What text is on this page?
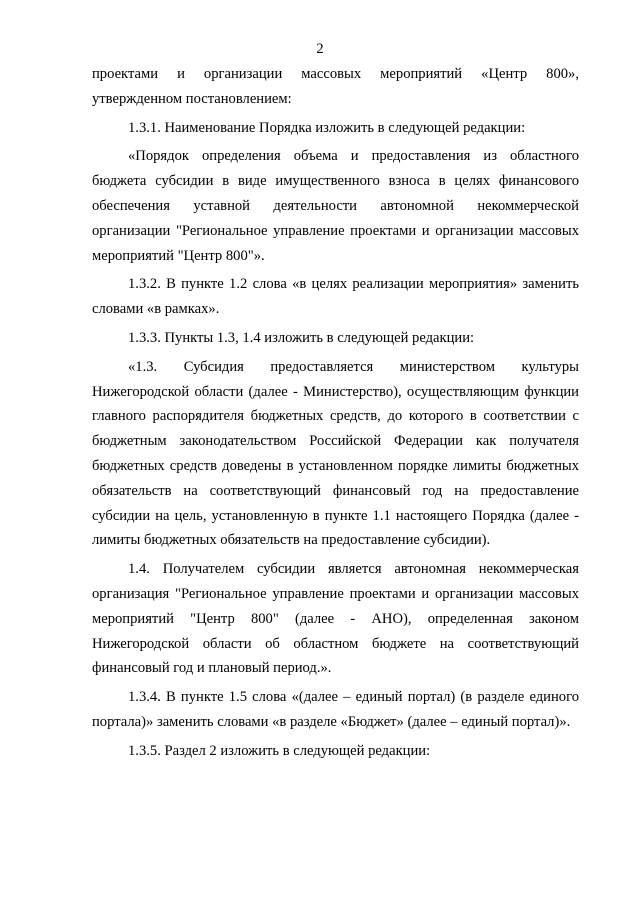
2

проектами и организации массовых мероприятий «Центр 800», утвержденном постановлением:

1.3.1. Наименование Порядка изложить в следующей редакции:

«Порядок определения объема и предоставления из областного бюджета субсидии в виде имущественного взноса в целях финансового обеспечения уставной деятельности автономной некоммерческой организации "Региональное управление проектами и организации массовых мероприятий "Центр 800"».

1.3.2. В пункте 1.2 слова «в целях реализации мероприятия» заменить словами «в рамках».

1.3.3. Пункты 1.3, 1.4 изложить в следующей редакции:

«1.3. Субсидия предоставляется министерством культуры Нижегородской области (далее - Министерство), осуществляющим функции главного распорядителя бюджетных средств, до которого в соответствии с бюджетным законодательством Российской Федерации как получателя бюджетных средств доведены в установленном порядке лимиты бюджетных обязательств на соответствующий финансовый год на предоставление субсидии на цель, установленную в пункте 1.1 настоящего Порядка (далее - лимиты бюджетных обязательств на предоставление субсидии).

1.4. Получателем субсидии является автономная некоммерческая организация "Региональное управление проектами и организации массовых мероприятий "Центр 800" (далее - АНО), определенная законом Нижегородской области об областном бюджете на соответствующий финансовый год и плановый период.».

1.3.4. В пункте 1.5 слова «(далее – единый портал) (в разделе единого портала)» заменить словами «в разделе «Бюджет» (далее – единый портал)».

1.3.5. Раздел 2 изложить в следующей редакции:
